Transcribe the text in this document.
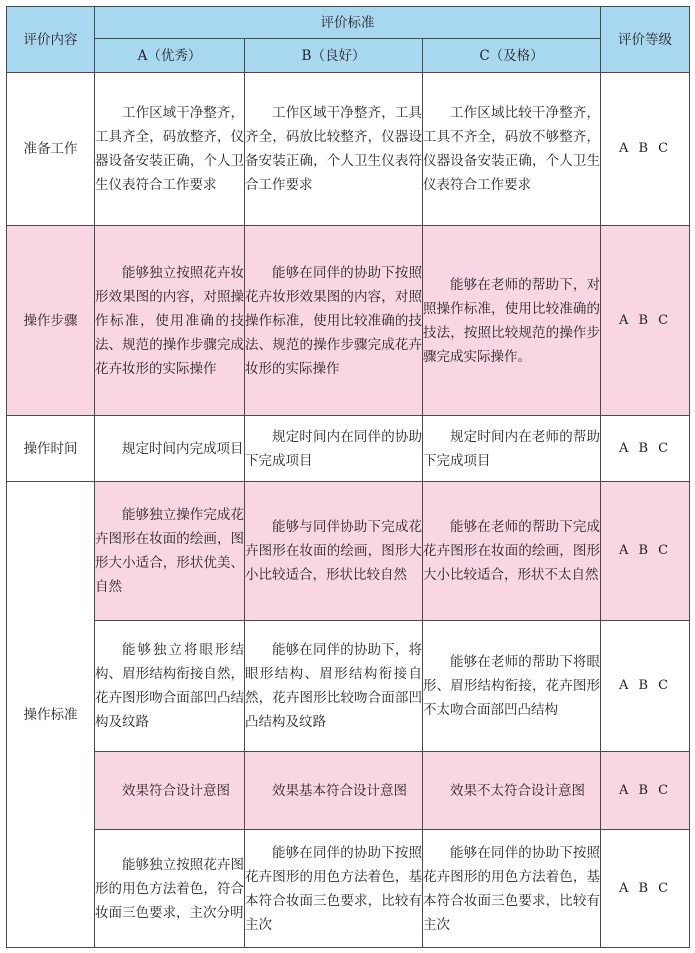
评价内容	评价标准			评价等级
	A（优秀）	B（良好）	C（及格）	
准备工作	工作区域干净整齐，工具齐全，码放整齐，仪器设备安装正确，个人卫生仪表符合工作要求	工作区域干净整齐，工具齐全，码放比较整齐，仪器设备安装正确，个人卫生仪表符合工作要求	工作区域比较干净整齐，工具不齐全，码放不够整齐，仪器设备安装正确，个人卫生仪表符合工作要求	A B C
操作步骤	能够独立按照花卉妆形效果图的内容，对照操作标准，使用准确的技法、规范的操作步骤完成花卉妆形的实际操作	能够在同伴的协助下按照花卉妆形效果图的内容，对照操作标准，使用比较准确的技法、规范的操作步骤完成花卉妆形的实际操作	能够在老师的帮助下，对照操作标准，使用比较准确的技法，按照比较规范的操作步骤完成实际操作。	A B C
操作时间	规定时间内完成项目	规定时间内在同伴的协助下完成项目	规定时间内在老师的帮助下完成项目	A B C
操作标准	能够独立操作完成花卉图形在妆面的绘画，图形大小适合，形状优美、自然	能够与同伴协助下完成花卉图形在妆面的绘画，图形大小比较适合，形状比较自然	能够在老师的帮助下完成花卉图形在妆面的绘画，图形大小比较适合，形状不太自然	A B C
	能够独立将眼形结构、眉形结构衔接自然，花卉图形吻合面部凹凸结构及纹路	能够在同伴的协助下，将眼形结构、眉形结构衔接自然，花卉图形比较吻合面部凹凸结构及纹路	能够在老师的帮助下将眼形、眉形结构衔接，花卉图形不太吻合面部凹凸结构	A B C
	效果符合设计意图	效果基本符合设计意图	效果不太符合设计意图	A B C
	能够独立按照花卉图形的用色方法着色，符合妆面三色要求，主次分明	能够在同伴的协助下按照花卉图形的用色方法着色，基本符合妆面三色要求，比较有主次	能够在同伴的协助下按照花卉图形的用色方法着色，基本符合妆面三色要求，比较有主次	A B C
